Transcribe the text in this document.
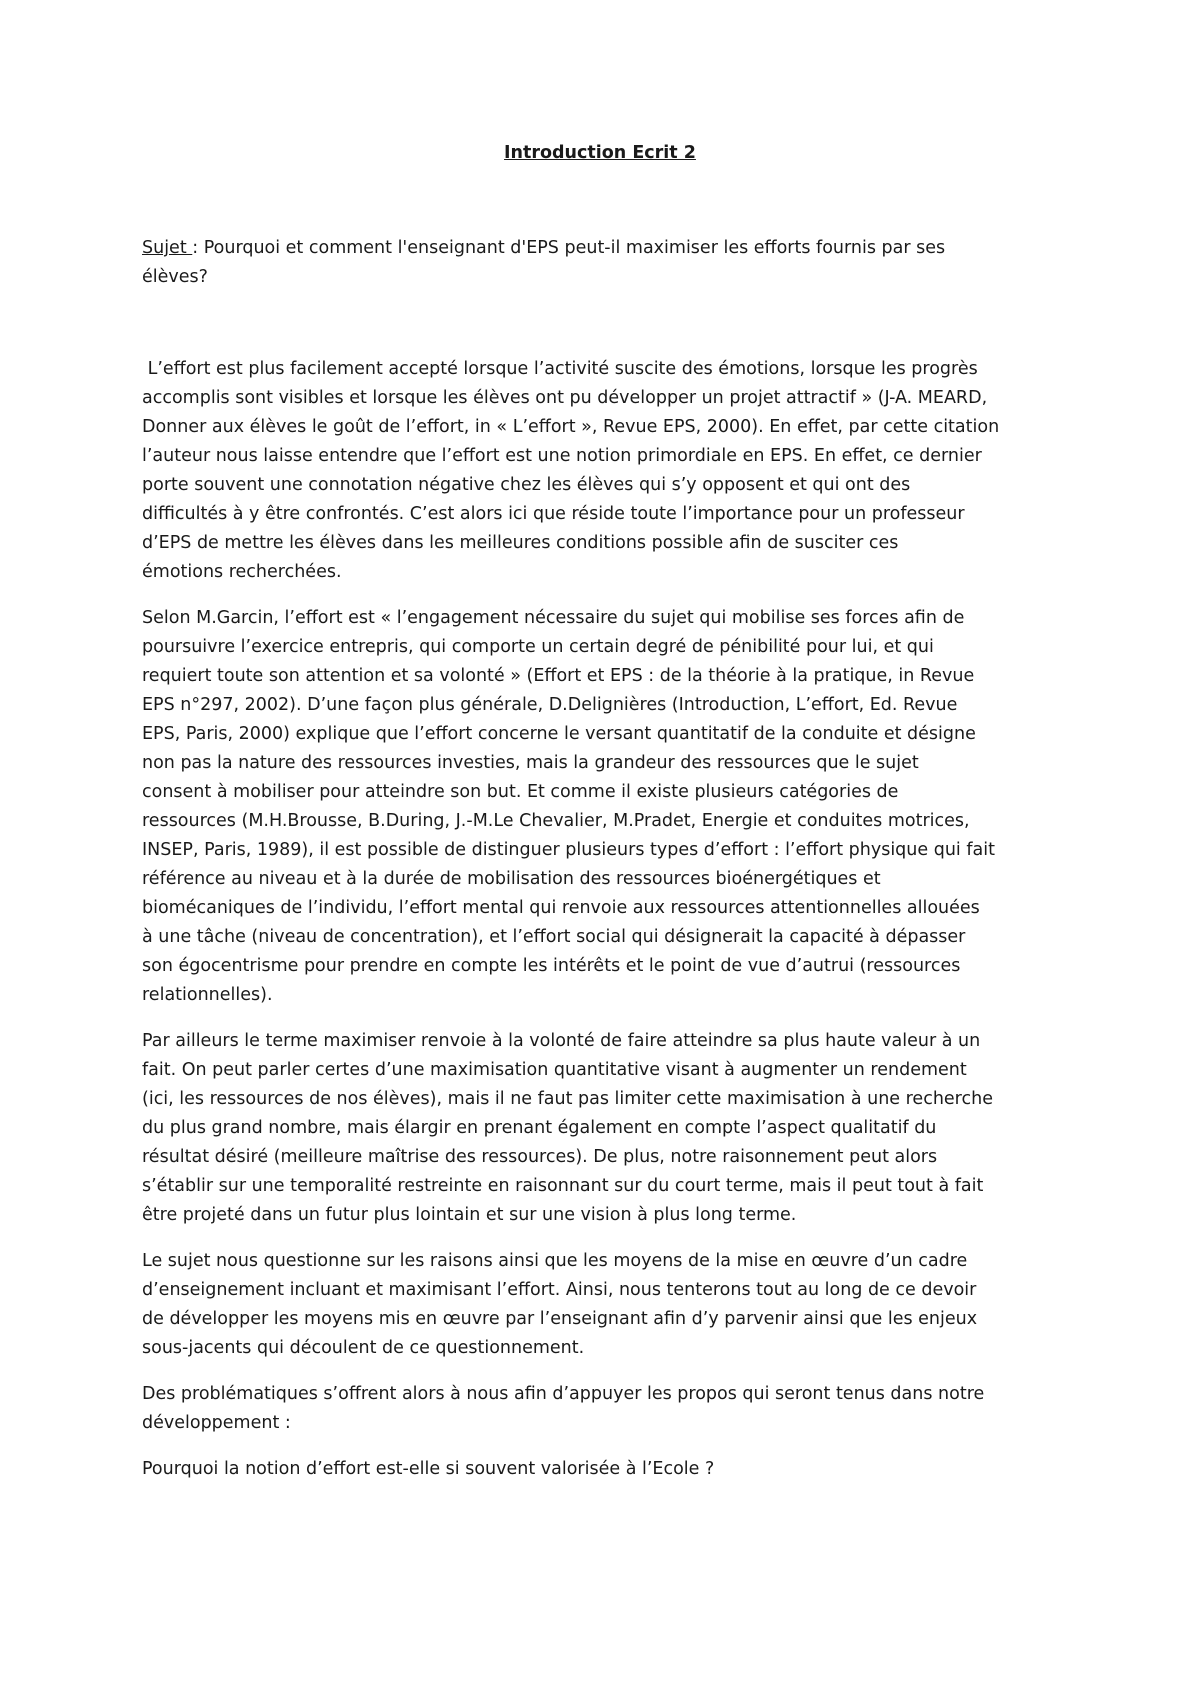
Introduction Ecrit 2
Sujet : Pourquoi et comment l'enseignant d'EPS peut-il maximiser les efforts fournis par ses
élèves?

L’effort est plus facilement accepté lorsque l’activité suscite des émotions, lorsque les progrès
accomplis sont visibles et lorsque les élèves ont pu développer un projet attractif » (J-A. MEARD,
Donner aux élèves le goût de l’effort, in « L’effort », Revue EPS, 2000). En effet, par cette citation
l’auteur nous laisse entendre que l’effort est une notion primordiale en EPS. En effet, ce dernier
porte souvent une connotation négative chez les élèves qui s’y opposent et qui ont des
difficultés à y être confrontés. C’est alors ici que réside toute l’importance pour un professeur
d’EPS de mettre les élèves dans les meilleures conditions possible afin de susciter ces
émotions recherchées.

Selon M.Garcin, l’effort est « l’engagement nécessaire du sujet qui mobilise ses forces afin de
poursuivre l’exercice entrepris, qui comporte un certain degré de pénibilité pour lui, et qui
requiert toute son attention et sa volonté » (Effort et EPS : de la théorie à la pratique, in Revue
EPS n°297, 2002). D’une façon plus générale, D.Delignières (Introduction, L’effort, Ed. Revue
EPS, Paris, 2000) explique que l’effort concerne le versant quantitatif de la conduite et désigne
non pas la nature des ressources investies, mais la grandeur des ressources que le sujet
consent à mobiliser pour atteindre son but. Et comme il existe plusieurs catégories de
ressources (M.H.Brousse, B.During, J.-M.Le Chevalier, M.Pradet, Energie et conduites motrices,
INSEP, Paris, 1989), il est possible de distinguer plusieurs types d’effort : l’effort physique qui fait
référence au niveau et à la durée de mobilisation des ressources bioénergétiques et
biomécaniques de l’individu, l’effort mental qui renvoie aux ressources attentionnelles allouées
à une tâche (niveau de concentration), et l’effort social qui désignerait la capacité à dépasser
son égocentrisme pour prendre en compte les intérêts et le point de vue d’autrui (ressources
relationnelles).

Par ailleurs le terme maximiser renvoie à la volonté de faire atteindre sa plus haute valeur à un
fait. On peut parler certes d’une maximisation quantitative visant à augmenter un rendement
(ici, les ressources de nos élèves), mais il ne faut pas limiter cette maximisation à une recherche
du plus grand nombre, mais élargir en prenant également en compte l’aspect qualitatif du
résultat désiré (meilleure maîtrise des ressources). De plus, notre raisonnement peut alors
s’établir sur une temporalité restreinte en raisonnant sur du court terme, mais il peut tout à fait
être projeté dans un futur plus lointain et sur une vision à plus long terme.

Le sujet nous questionne sur les raisons ainsi que les moyens de la mise en œuvre d’un cadre
d’enseignement incluant et maximisant l’effort. Ainsi, nous tenterons tout au long de ce devoir
de développer les moyens mis en œuvre par l’enseignant afin d’y parvenir ainsi que les enjeux
sous-jacents qui découlent de ce questionnement.

Des problématiques s’offrent alors à nous afin d’appuyer les propos qui seront tenus dans notre
développement :

Pourquoi la notion d’effort est-elle si souvent valorisée à l’Ecole ?
